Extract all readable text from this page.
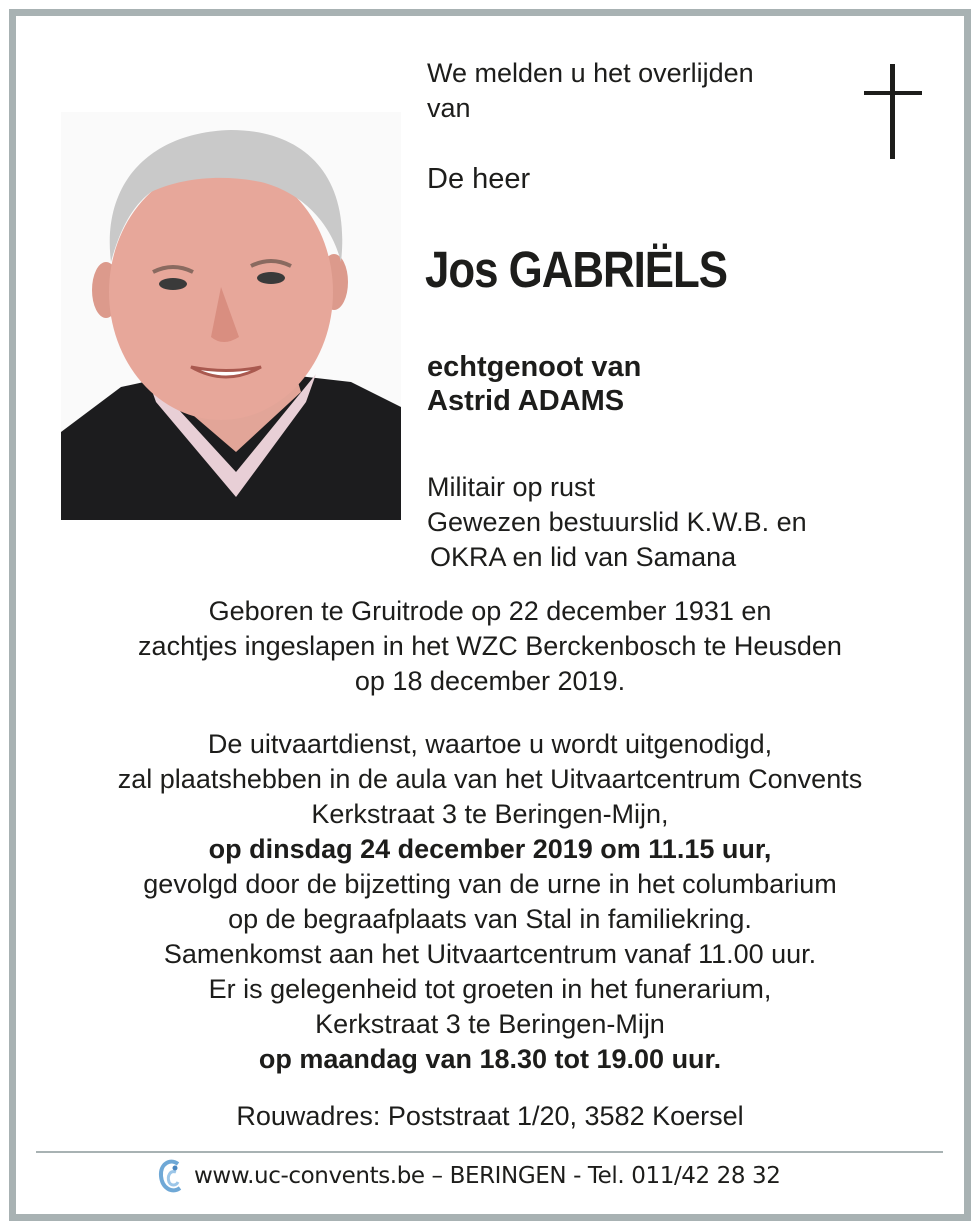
We melden u het overlijden
van
De heer
Jos GABRIËLS
echtgenoot van
Astrid ADAMS
Militair op rust
Gewezen bestuurslid K.W.B. en
OKRA en lid van Samana
Geboren te Gruitrode op 22 december 1931 en
zachtjes ingeslapen in het WZC Berckenbosch te Heusden
op 18 december 2019.
De uitvaartdienst, waartoe u wordt uitgenodigd,
zal plaatshebben in de aula van het Uitvaartcentrum Convents
Kerkstraat 3 te Beringen-Mijn,
op dinsdag 24 december 2019 om 11.15 uur,
gevolgd door de bijzetting van de urne in het columbarium
op de begraafplaats van Stal in familiekring.
Samenkomst aan het Uitvaartcentrum vanaf 11.00 uur.
Er is gelegenheid tot groeten in het funerarium,
Kerkstraat 3 te Beringen-Mijn
op maandag van 18.30 tot 19.00 uur.
Rouwadres: Poststraat 1/20, 3582 Koersel
www.uc-convents.be – BERINGEN - Tel. 011/42 28 32
